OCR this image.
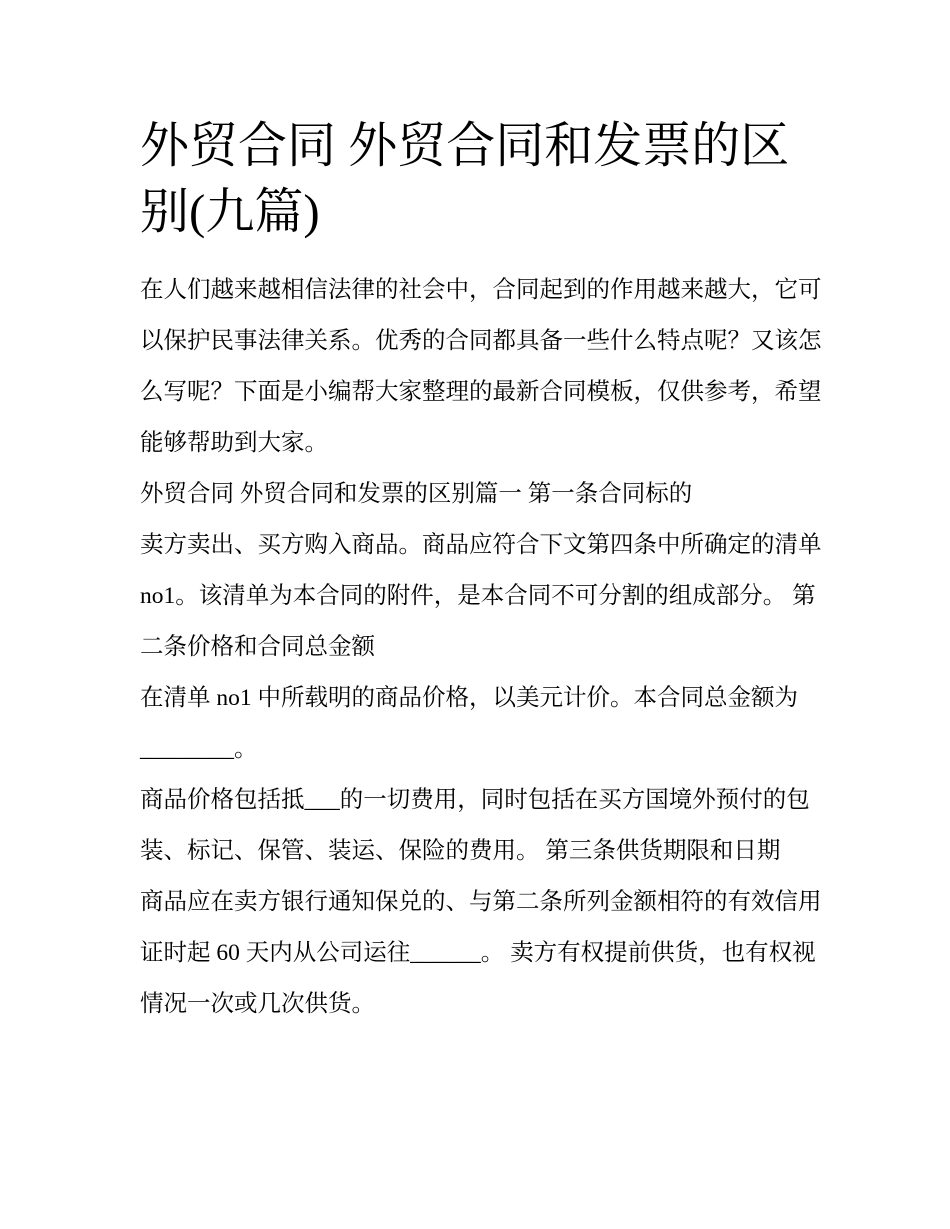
外贸合同 外贸合同和发票的区别(九篇)

在人们越来越相信法律的社会中，合同起到的作用越来越大，它可以保护民事法律关系。优秀的合同都具备一些什么特点呢？又该怎么写呢？下面是小编帮大家整理的最新合同模板，仅供参考，希望能够帮助到大家。

外贸合同 外贸合同和发票的区别篇一 第一条合同标的

卖方卖出、买方购入商品。商品应符合下文第四条中所确定的清单 no1。该清单为本合同的附件，是本合同不可分割的组成部分。 第二条价格和合同总金额

在清单 no1 中所载明的商品价格，以美元计价。本合同总金额为________。

商品价格包括抵___的一切费用，同时包括在买方国境外预付的包装、标记、保管、装运、保险的费用。 第三条供货期限和日期

商品应在卖方银行通知保兑的、与第二条所列金额相符的有效信用证时起 60 天内从公司运往______。 卖方有权提前供货，也有权视情况一次或几次供货。
